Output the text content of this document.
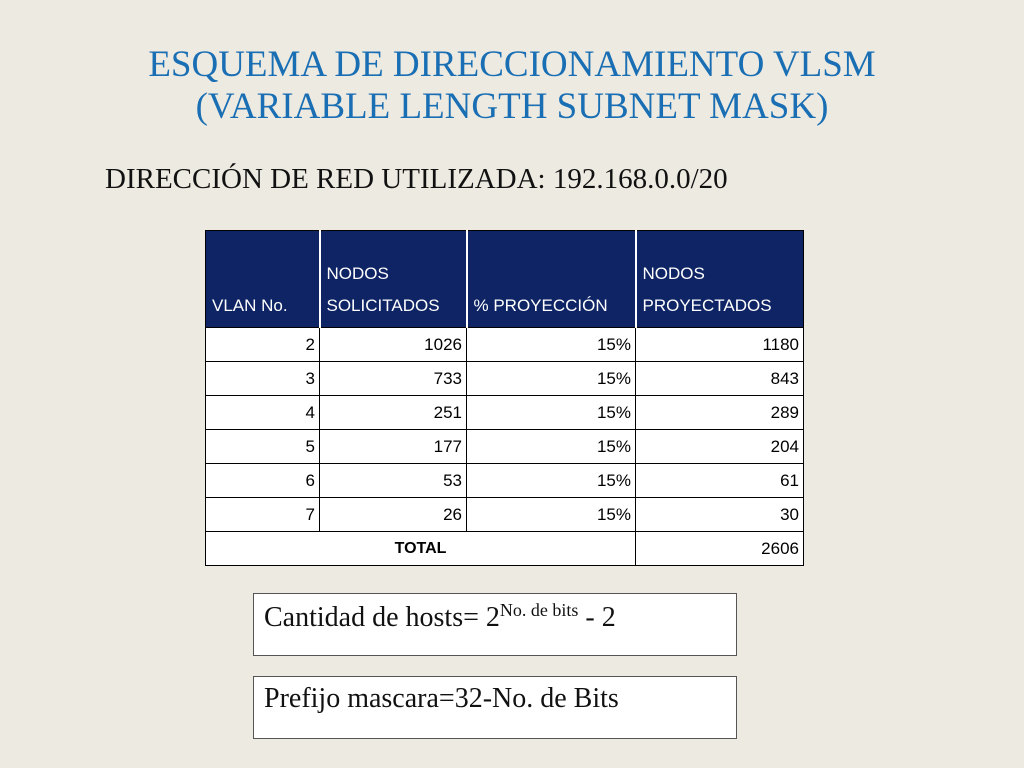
ESQUEMA DE DIRECCIONAMIENTO VLSM
(VARIABLE LENGTH SUBNET MASK)
DIRECCIÓN DE RED UTILIZADA: 192.168.0.0/20
VLAN No.	NODOS SOLICITADOS	% PROYECCIÓN	NODOS PROYECTADOS
2	1026	15%	1180
3	733	15%	843
4	251	15%	289
5	177	15%	204
6	53	15%	61
7	26	15%	30
TOTAL			2606
Cantidad de hosts= $2^{No. de bits} - 2$
Prefijo mascara=32-No. de Bits
